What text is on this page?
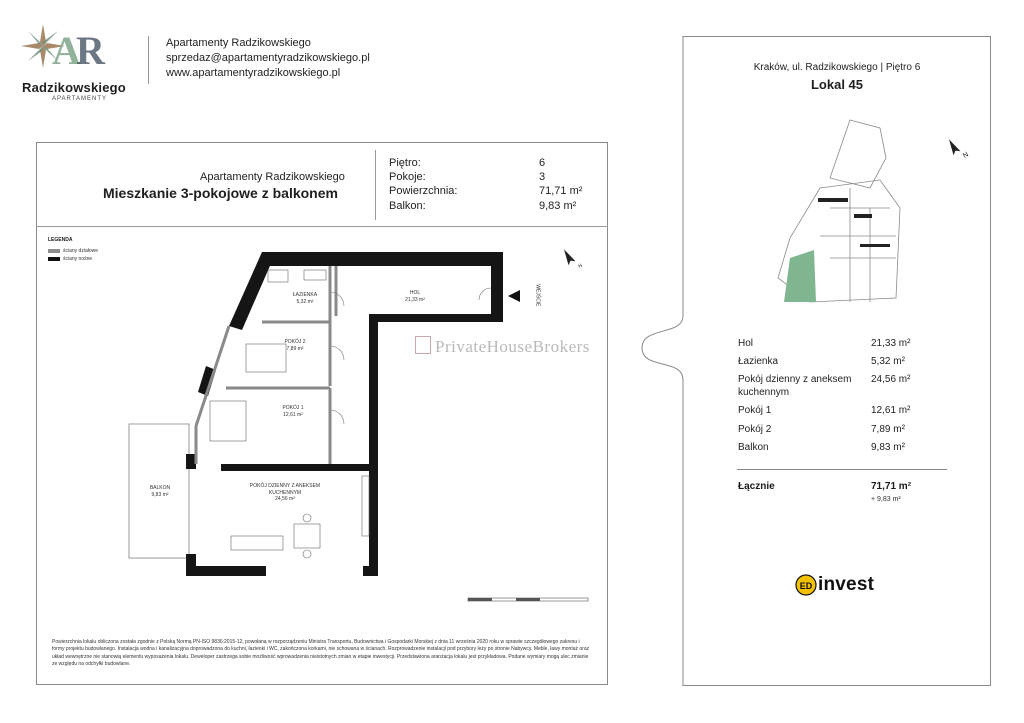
A
R
Radzikowskiego
APARTAMENTY
Apartamenty Radzikowskiego
sprzedaz@apartamentyradzikowskiego.pl
www.apartamentyradzikowskiego.pl
Apartamenty Radzikowskiego
Mieszkanie 3-pokojowe z balkonem
Piętro:	6
Pokoje:	3
Powierzchnia:	71,71 m²
Balkon:	9,83 m²
LEGENDA
ściany działowe
ściany nośne
N
ŁAZIENKA
5,32 m²
HOL
21,33 m²
POKÓJ 2
7,89 m²
POKÓJ 1
12,61 m²
POKÓJ DZIENNY Z ANEKSEM KUCHENNYM
24,56 m²
BALKON
9,83 m²
WEJŚCIE
PrivateHouseBrokers
Powierzchnia lokalu obliczona została zgodnie z Polską Normą PN-ISO 9836:2015-12, powołaną w rozporządzeniu Ministra Transportu, Budownictwa i Gospodarki Morskiej z dnia 11 września 2020 roku w sprawie szczegółowego zakresu i formy projektu budowlanego. Instalacja wodna i kanalizacyjna doprowadzona do kuchni, łazienki i WC, zakończona korkami, nie schowana w ścianach. Rozprowadzenie instalacji pod przybory leży po stronie Nabywcy. Meble, ławy montaż oraz układ wewnętrzne nie stanowią elementu wyposażenia lokalu. Deweloper zastrzega sobie możliwość wprowadzenia nieistotnych zmian w etapie inwestycji. Przedstawiona aranżacja lokalu jest przykładowa. Podane wymiary mogą ulec zmianie ze względu na odchyłki budowlane.
Kraków, ul. Radzikowskiego | Piętro 6
Lokal 45
N
Hol	21,33 m²
Łazienka	5,32 m²
Pokój dzienny z aneksem kuchennym
24,56 m²
Pokój 1	12,61 m²
Pokój 2	7,89 m²
Balkon	9,83 m²
Łącznie	71,71 m²
+ 9,83 m²
ED invest
